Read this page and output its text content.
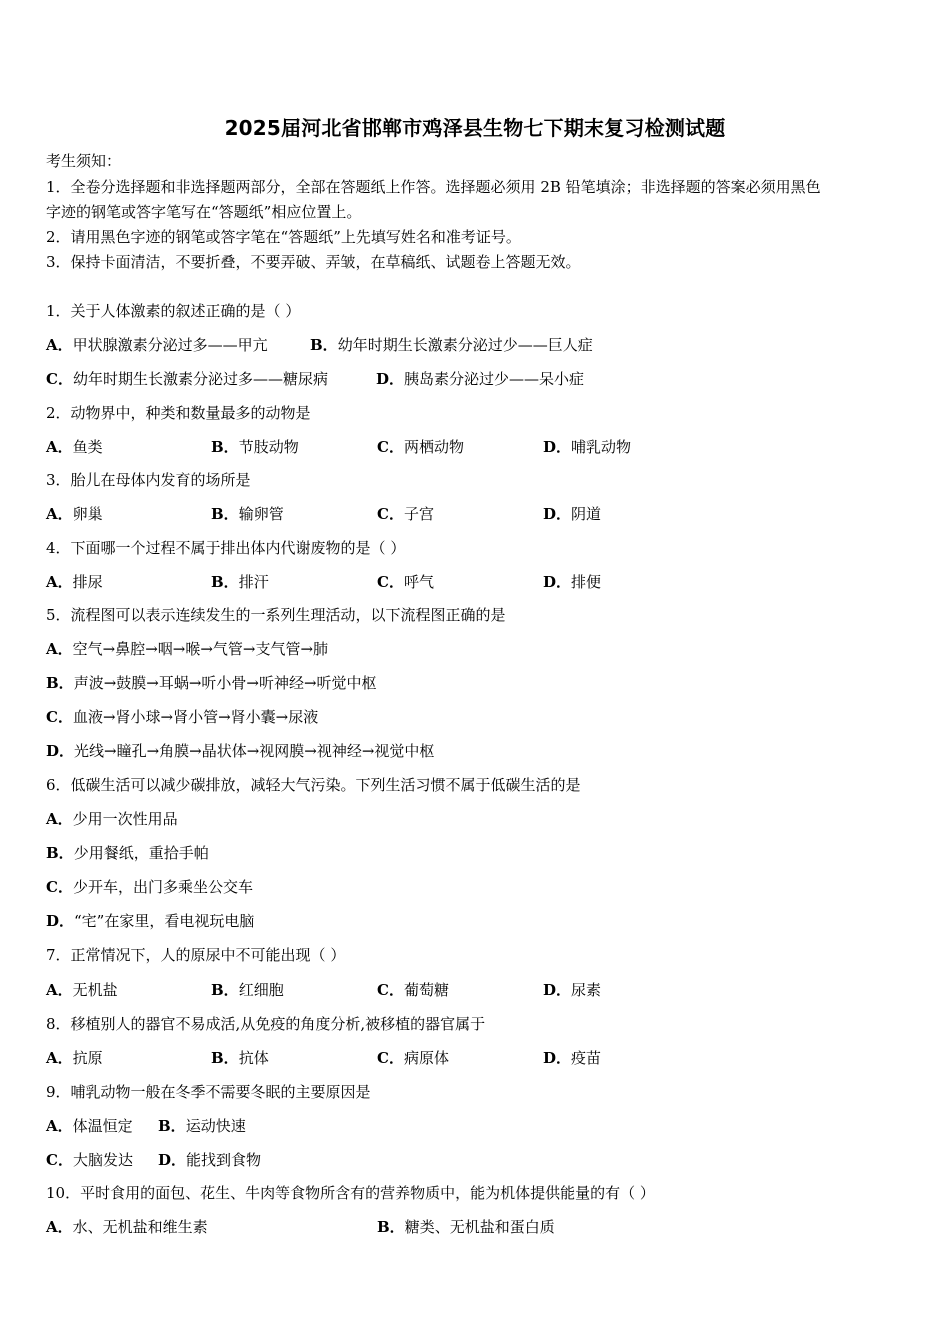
2025届河北省邯郸市鸡泽县生物七下期末复习检测试题
考生须知：
1．全卷分选择题和非选择题两部分，全部在答题纸上作答。选择题必须用 2B 铅笔填涂；非选择题的答案必须用黑色
字迹的钢笔或答字笔写在“答题纸”相应位置上。
2．请用黑色字迹的钢笔或答字笔在“答题纸”上先填写姓名和准考证号。
3．保持卡面清洁，不要折叠，不要弄破、弄皱，在草稿纸、试题卷上答题无效。
1．关于人体激素的叙述正确的是（ ）
A．甲状腺激素分泌过多——甲亢	B．幼年时期生长激素分泌过少——巨人症
C．幼年时期生长激素分泌过多——糖尿病	D．胰岛素分泌过少——呆小症
2．动物界中，种类和数量最多的动物是
A．鱼类	B．节肢动物	C．两栖动物	D．哺乳动物
3．胎儿在母体内发育的场所是
A．卵巢	B．输卵管	C．子宫	D．阴道
4．下面哪一个过程不属于排出体内代谢废物的是（ ）
A．排尿	B．排汗	C．呼气	D．排便
5．流程图可以表示连续发生的一系列生理活动，以下流程图正确的是
A．空气→鼻腔→咽→喉→气管→支气管→肺
B．声波→鼓膜→耳蜗→听小骨→听神经→听觉中枢
C．血液→肾小球→肾小管→肾小囊→尿液
D．光线→瞳孔→角膜→晶状体→视网膜→视神经→视觉中枢
6．低碳生活可以减少碳排放，减轻大气污染。下列生活习惯不属于低碳生活的是
A．少用一次性用品
B．少用餐纸，重拾手帕
C．少开车，出门多乘坐公交车
D．“宅”在家里，看电视玩电脑
7．正常情况下，人的原尿中不可能出现（ ）
A．无机盐	B．红细胞	C．葡萄糖	D．尿素
8．移植别人的器官不易成活,从免疫的角度分析,被移植的器官属于
A．抗原	B．抗体	C．病原体	D．疫苗
9．哺乳动物一般在冬季不需要冬眠的主要原因是
A．体温恒定 B．运动快速
C．大脑发达 D．能找到食物
10．平时食用的面包、花生、牛肉等食物所含有的营养物质中，能为机体提供能量的有（ ）
A．水、无机盐和维生素	B．糖类、无机盐和蛋白质
